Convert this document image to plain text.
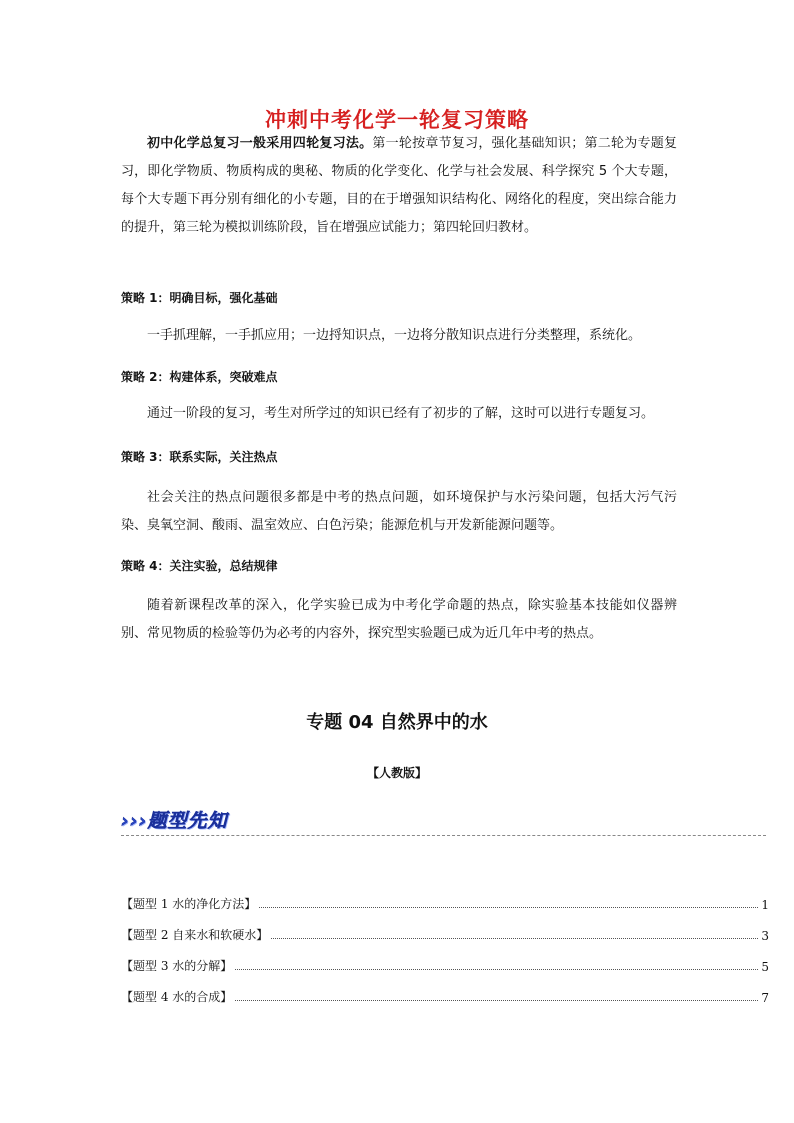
冲刺中考化学一轮复习策略
初中化学总复习一般采用四轮复习法。第一轮按章节复习，强化基础知识；第二轮为专题复习，即化学物质、物质构成的奥秘、物质的化学变化、化学与社会发展、科学探究 5 个大专题，每个大专题下再分别有细化的小专题，目的在于增强知识结构化、网络化的程度，突出综合能力的提升，第三轮为模拟训练阶段，旨在增强应试能力；第四轮回归教材。
策略 1：明确目标，强化基础
一手抓理解，一手抓应用；一边捋知识点，一边将分散知识点进行分类整理，系统化。
策略 2：构建体系，突破难点
通过一阶段的复习，考生对所学过的知识已经有了初步的了解，这时可以进行专题复习。
策略 3：联系实际，关注热点
社会关注的热点问题很多都是中考的热点问题，如环境保护与水污染问题，包括大污气污染、臭氧空洞、酸雨、温室效应、白色污染；能源危机与开发新能源问题等。
策略 4：关注实验，总结规律
随着新课程改革的深入，化学实验已成为中考化学命题的热点，除实验基本技能如仪器辨别、常见物质的检验等仍为必考的内容外，探究型实验题已成为近几年中考的热点。
专题 04 自然界中的水
【人教版】
›››题型先知
【题型 1 水的净化方法】	1
【题型 2 自来水和软硬水】	3
【题型 3 水的分解】	5
【题型 4 水的合成】	7
